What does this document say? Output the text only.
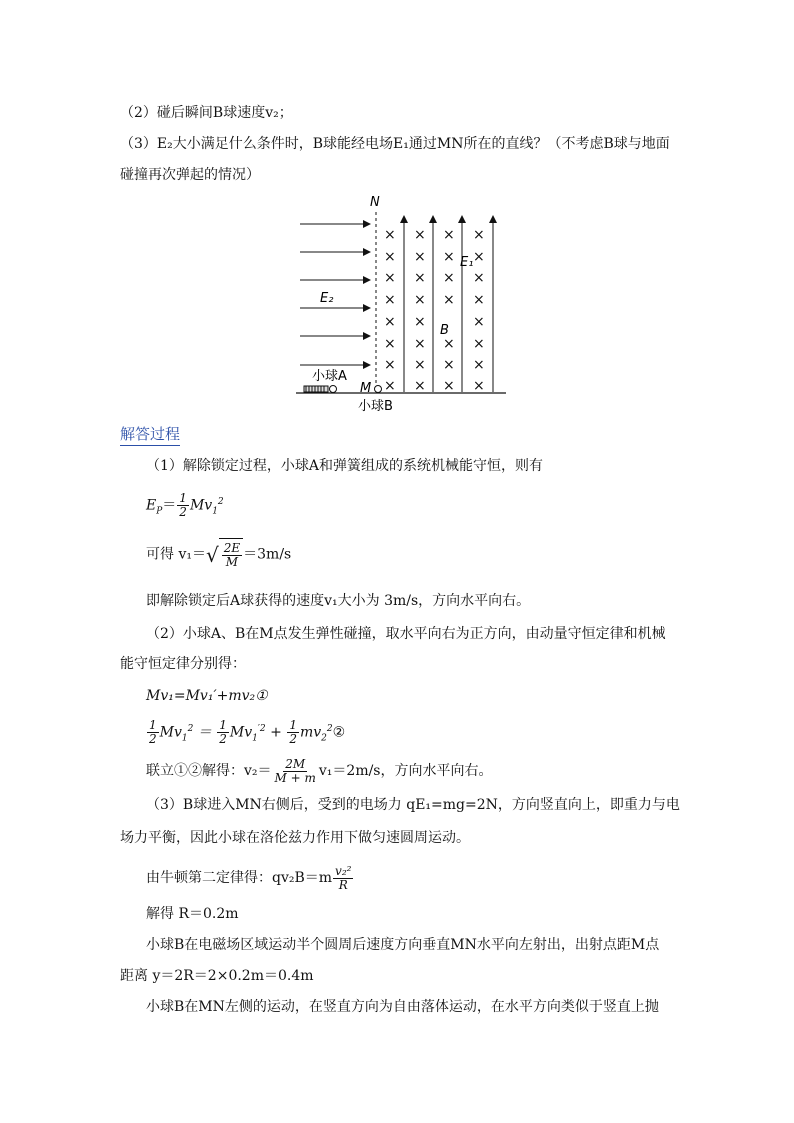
（2）碰后瞬间B球速度v₂；
（3）E₂大小满足什么条件时，B球能经电场E₁通过MN所在的直线？（不考虑B球与地面
碰撞再次弹起的情况）
N
E₂
E₁
B
× × × ×
× × × ×
× × × ×
× × × ×
× ×	×
× × × ×
× × × ×
× × × ×
小球A
M
小球B
解答过程
（1）解除锁定过程，小球A和弹簧组成的系统机械能守恒，则有
$E_P= \frac{1}{2} Mv_1^2$
可得 v₁＝ √ $\frac{2E}{M} =3m/s$
即解除锁定后A球获得的速度v₁大小为 3m/s，方向水平向右。
（2）小球A、B在M点发生弹性碰撞，取水平向右为正方向，由动量守恒定律和机械
能守恒定律分别得：
Mv₁=Mv₁′+mv₂①
$\frac{1}{2} Mv_1^2 = \frac{1}{2} Mv_1^{'2} + \frac{1}{2}$ $mv_2^2②$
联立①②解得：$v_2= \frac{2M}{M + m} v_1=2m/s$，方向水平向右。
（3）B球进入MN右侧后，受到的电场力 qE₁=mg=2N，方向竖直向上，即重力与电
场力平衡，因此小球在洛伦兹力作用下做匀速圆周运动。
由牛顿第二定律得：$qv_2B=m \frac{\text{v₂²}}{R}$
解得 R＝0.2m
小球B在电磁场区域运动半个圆周后速度方向垂直MN水平向左射出，出射点距M点
距离 y＝2R＝2×0.2m＝0.4m
小球B在MN左侧的运动，在竖直方向为自由落体运动，在水平方向类似于竖直上抛
